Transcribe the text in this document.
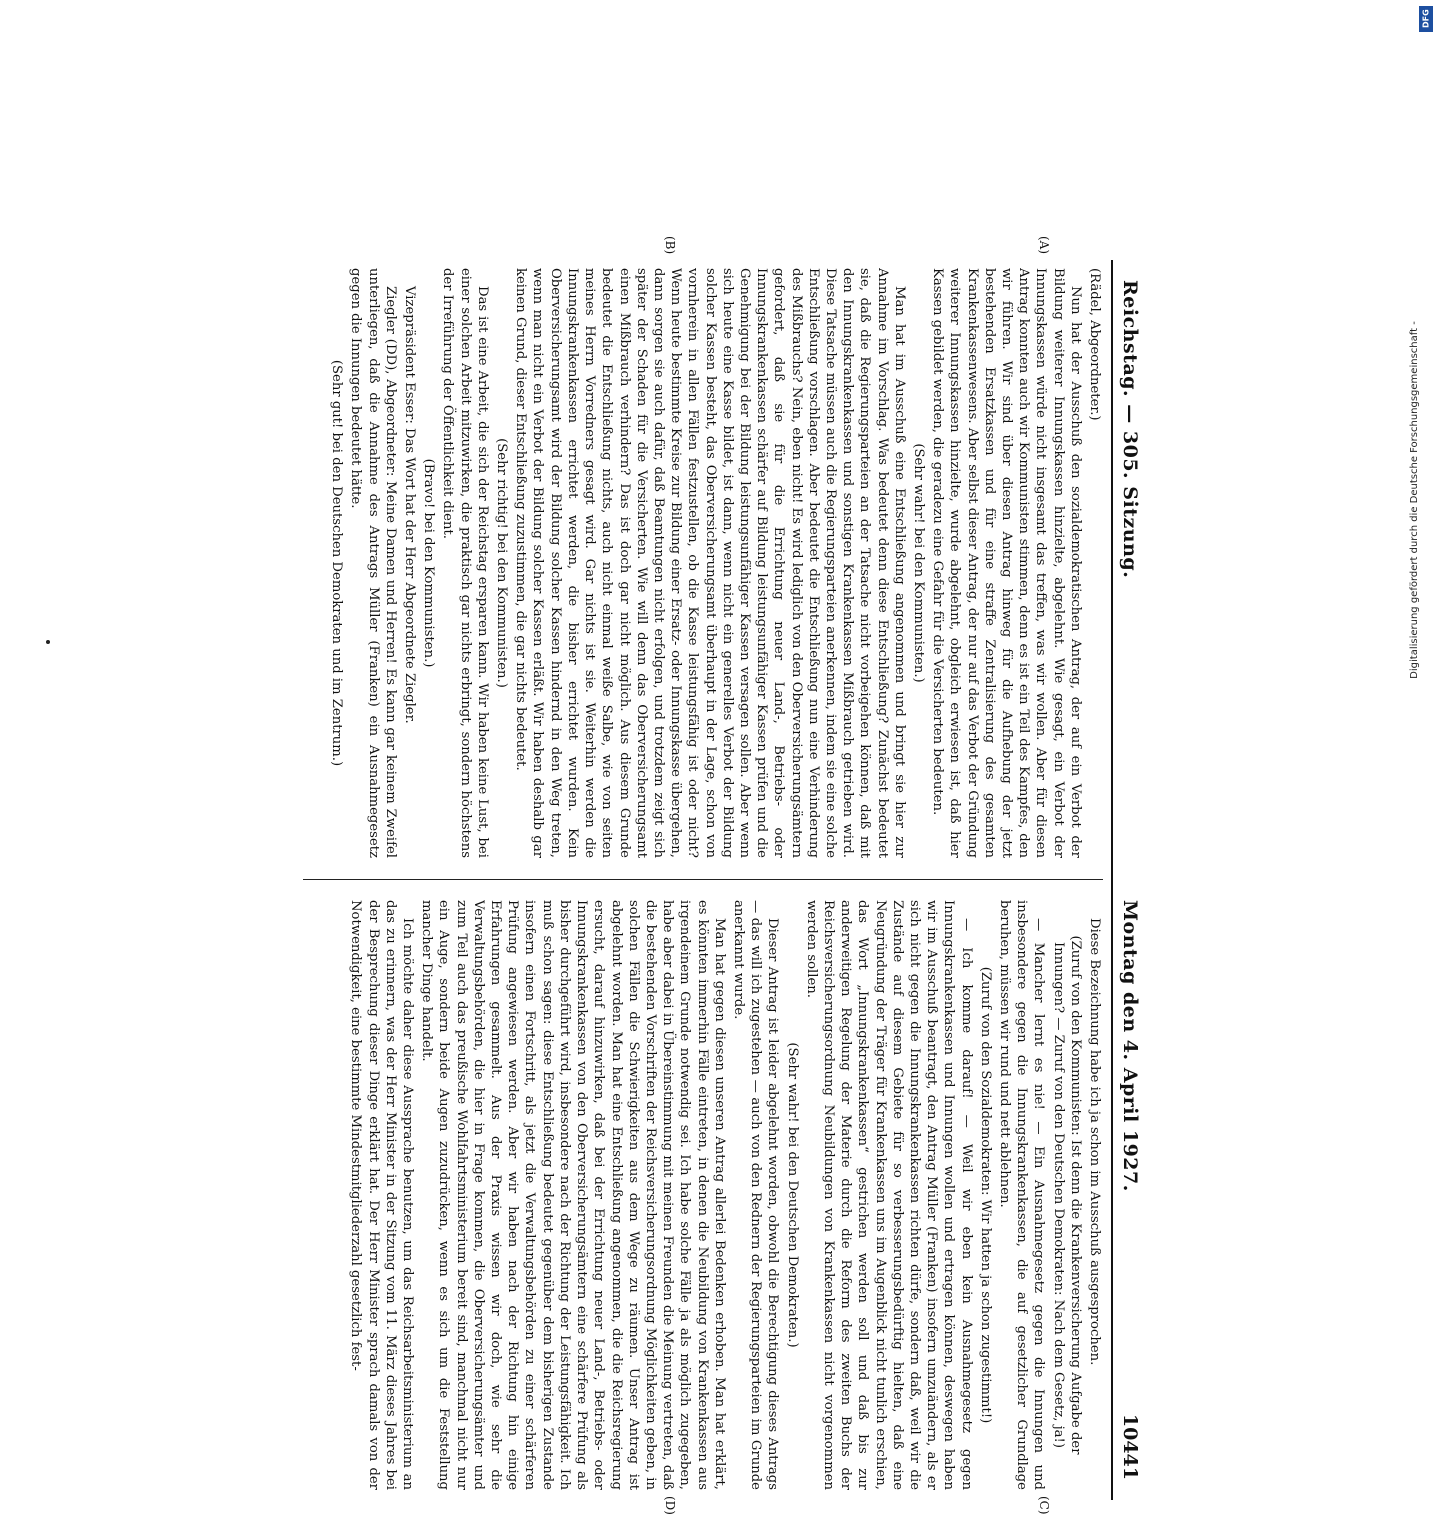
Reichstag. — 305. Sitzung.
Montag den 4. April 1927.
10441
(A)
(B)
(C)
(D)

(Rädel, Abgeordneter.)

Nun hat der Ausschuß den sozialdemokratischen Antrag, der auf ein Verbot der Bildung weiterer Innungskassen hinzielte, abgelehnt. Wie gesagt, ein Verbot der Innungskassen würde nicht insgesamt das treffen, was wir wollen. Aber für diesen Antrag konnten auch wir Kommunisten stimmen, denn es ist ein Teil des Kampfes, den wir führen. Wir sind über diesen Antrag hinweg für die Aufhebung der jetzt bestehenden Ersatzkassen und für eine straffe Zentralisierung des gesamten Krankenkassenwesens. Aber selbst dieser Antrag, der nur auf das Verbot der Gründung weiterer Innungskassen hinzielte, wurde abgelehnt, obgleich erwiesen ist, daß hier Kassen gebildet werden, die geradezu eine Gefahr für die Versicherten bedeuten.

(Sehr wahr! bei den Kommunisten.)

Man hat im Ausschuß eine Entschließung angenommen und bringt sie hier zur Annahme im Vorschlag. Was bedeutet denn diese Entschließung? Zunächst bedeutet sie, daß die Regierungsparteien an der Tatsache nicht vorbeigehen können, daß mit den Innungskrankenkassen und sonstigen Krankenkassen Mißbrauch getrieben wird. Diese Tatsache müssen auch die Regierungsparteien anerkennen, indem sie eine solche Entschließung vorschlagen. Aber bedeutet die Entschließung nun eine Verhinderung des Mißbrauchs? Nein, eben nicht! Es wird lediglich von den Oberversicherungsämtern gefordert, daß sie für die Errichtung neuer Land-, Betriebs- oder Innungskrankenkassen schärfer auf Bildung leistungsunfähiger Kassen prüfen und die Genehmigung bei der Bildung leistungsunfähiger Kassen versagen sollen. Aber wenn sich heute eine Kasse bildet, ist dann, wenn nicht ein generelles Verbot der Bildung solcher Kassen besteht, das Oberversicherungsamt überhaupt in der Lage, schon von vornherein in allen Fällen festzustellen, ob die Kasse leistungsfähig ist oder nicht? Wenn heute bestimmte Kreise zur Bildung einer Ersatz- oder Innungskasse übergehen, dann sorgen sie auch dafür, daß Beamtungen nicht erfolgen, und trotzdem zeigt sich später der Schaden für die Versicherten. Wie will denn das Oberversicherungsamt einen Mißbrauch verhindern? Das ist doch gar nicht möglich. Aus diesem Grunde bedeutet die Entschließung nichts, auch nicht einmal weiße Salbe, wie von seiten meines Herrn Vorredners gesagt wird. Gar nichts ist sie. Weiterhin werden die Innungskrankenkassen errichtet werden, die bisher errichtet wurden. Kein Oberversicherungsamt wird der Bildung solcher Kassen hindernd in den Weg treten, wenn man nicht ein Verbot der Bildung solcher Kassen erläßt. Wir haben deshalb gar keinen Grund, dieser Entschließung zuzustimmen, die gar nichts bedeutet.

(Sehr richtig! bei den Kommunisten.)

Das ist eine Arbeit, die sich der Reichstag ersparen kann. Wir haben keine Lust, bei einer solchen Arbeit mitzuwirken, die praktisch gar nichts erbringt, sondern höchstens der Irreführung der Öffentlichkeit dient.

(Bravo! bei den Kommunisten.)

Vizepräsident Esser: Das Wort hat der Herr Abgeordnete Ziegler.

Ziegler (DD), Abgeordneter: Meine Damen und Herren! Es kann gar keinem Zweifel unterliegen, daß die Annahme des Antrags Müller (Franken) ein Ausnahmegesetz gegen die Innungen bedeutet hätte.

(Sehr gut! bei den Deutschen Demokraten und im Zentrum.)

Diese Bezeichnung habe ich ja schon im Ausschuß ausgesprochen.

(Zuruf von den Kommunisten: Ist denn die Krankenversicherung Aufgabe der Innungen? — Zuruf von den Deutschen Demokraten: Nach dem Gesetz, ja!)

— Mancher lernt es nie! — Ein Ausnahmegesetz gegen die Innungen und insbesondere gegen die Innungskrankenkassen, die auf gesetzlicher Grundlage beruhen, müssen wir rund und nett ablehnen.

(Zuruf von den Sozialdemokraten: Wir hatten ja schon zugestimmt!)

— Ich komme darauf! — Weil wir eben kein Ausnahmegesetz gegen Innungskrankenkassen und Innungen wollen und ertragen können, deswegen haben wir im Ausschuß beantragt, den Antrag Müller (Franken) insofern umzuändern, als er sich nicht gegen die Innungskrankenkassen richten dürfe, sondern daß, weil wir die Zustände auf diesem Gebiete für so verbesserungsbedürftig hielten, daß eine Neugründung der Träger für Krankenkassen uns im Augenblick nicht tunlich erschien, das Wort „Innungskrankenkassen“ gestrichen werden soll und daß bis zur anderweitigen Regelung der Materie durch die Reform des zweiten Buchs der Reichsversicherungsordnung Neubildungen von Krankenkassen nicht vorgenommen werden sollen.

(Sehr wahr! bei den Deutschen Demokraten.)

Dieser Antrag ist leider abgelehnt worden, obwohl die Berechtigung dieses Antrags — das will ich zugestehen — auch von den Rednern der Regierungsparteien im Grunde anerkannt wurde.

Man hat gegen diesen unseren Antrag allerlei Bedenken erhoben. Man hat erklärt, es könnten immerhin Fälle eintreten, in denen die Neubildung von Krankenkassen aus irgendeinem Grunde notwendig sei. Ich habe solche Fälle ja als möglich zugegeben, habe aber dabei in Übereinstimmung mit meinen Freunden die Meinung vertreten, daß die bestehenden Vorschriften der Reichsversicherungsordnung Möglichkeiten geben, in solchen Fällen die Schwierigkeiten aus dem Wege zu räumen. Unser Antrag ist abgelehnt worden. Man hat eine Entschließung angenommen, die die Reichsregierung ersucht, darauf hinzuwirken, daß bei der Errichtung neuer Land-, Betriebs- oder Innungskrankenkassen von den Oberversicherungsämtern eine schärfere Prüfung als bisher durchgeführt wird, insbesondere nach der Richtung der Leistungsfähigkeit. Ich muß schon sagen: diese Entschließung bedeutet gegenüber dem bisherigen Zustande insofern einen Fortschritt, als jetzt die Verwaltungsbehörden zu einer schärferen Prüfung angewiesen werden. Aber wir haben nach der Richtung hin einige Erfahrungen gesammelt. Aus der Praxis wissen wir doch, wie sehr die Verwaltungsbehörden, die hier in Frage kommen, die Oberversicherungsämter und zum Teil auch das preußische Wohlfahrtsministerium bereit sind, manchmal nicht nur ein Auge, sondern beide Augen zuzudrücken, wenn es sich um die Feststellung mancher Dinge handelt.

Ich möchte daher diese Aussprache benutzen, um das Reichsarbeitsministerium an das zu erinnern, was der Herr Minister in der Sitzung vom 11. März dieses Jahres bei der Besprechung dieser Dinge erklärt hat. Der Herr Minister sprach damals von der Notwendigkeit, eine bestimmte Mindestmitgliederzahl gesetzlich fest-

Digitalisierung gefördert durch die Deutsche Forschungsgemeinschaft -
DFG
